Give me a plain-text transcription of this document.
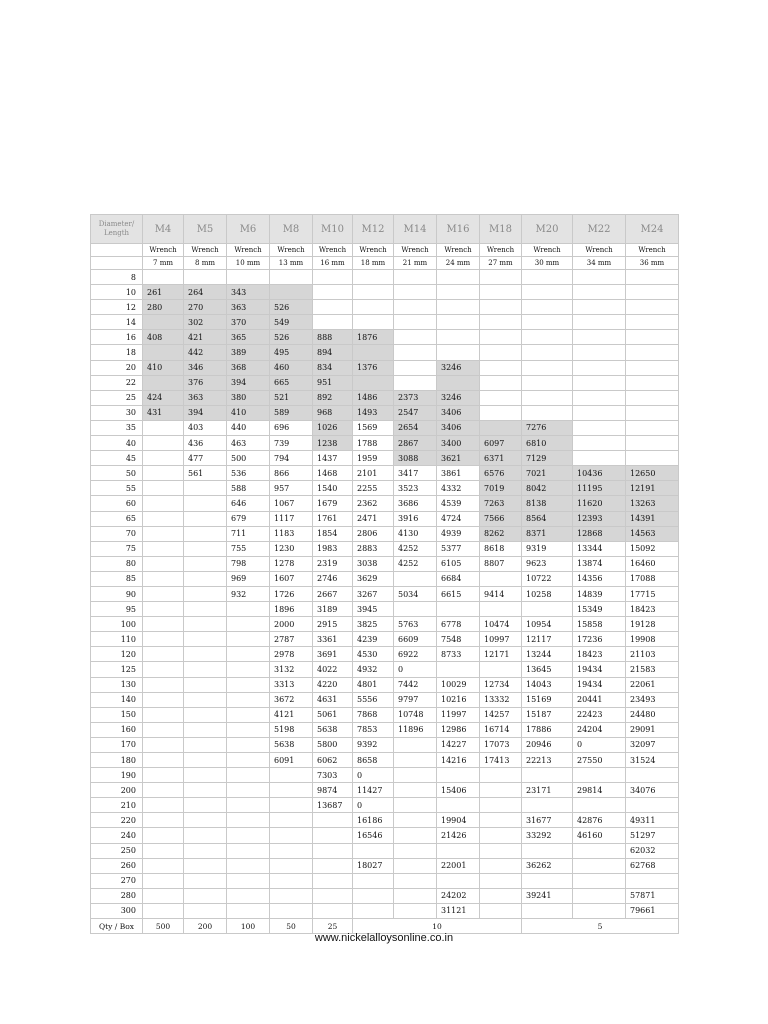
Diameter/
Length	M4	M5	M6	M8	M10	M12	M14	M16	M18	M20	M22	M24
	Wrench	Wrench	Wrench	Wrench	Wrench	Wrench	Wrench	Wrench	Wrench	Wrench	Wrench	Wrench
	7 mm	8 mm	10 mm	13 mm	16 mm	18 mm	21 mm	24 mm	27 mm	30 mm	34 mm	36 mm
8												
10	261	264	343									
12	280	270	363	526								
14		302	370	549								
16	408	421	365	526	888	1876						
18		442	389	495	894							
20	410	346	368	460	834	1376		3246				
22		376	394	665	951							
25	424	363	380	521	892	1486	2373	3246				
30	431	394	410	589	968	1493	2547	3406				
35		403	440	696	1026	1569	2654	3406		7276		
40		436	463	739	1238	1788	2867	3400	6097	6810		
45		477	500	794	1437	1959	3088	3621	6371	7129		
50		561	536	866	1468	2101	3417	3861	6576	7021	10436	12650
55			588	957	1540	2255	3523	4332	7019	8042	11195	12191
60			646	1067	1679	2362	3686	4539	7263	8138	11620	13263
65			679	1117	1761	2471	3916	4724	7566	8564	12393	14391
70			711	1183	1854	2806	4130	4939	8262	8371	12868	14563
75			755	1230	1983	2883	4252	5377	8618	9319	13344	15092
80			798	1278	2319	3038	4252	6105	8807	9623	13874	16460
85			969	1607	2746	3629		6684		10722	14356	17088
90			932	1726	2667	3267	5034	6615	9414	10258	14839	17715
95				1896	3189	3945					15349	18423
100				2000	2915	3825	5763	6778	10474	10954	15858	19128
110				2787	3361	4239	6609	7548	10997	12117	17236	19908
120				2978	3691	4530	6922	8733	12171	13244	18423	21103
125				3132	4022	4932	0			13645	19434	21583
130				3313	4220	4801	7442	10029	12734	14043	19434	22061
140				3672	4631	5556	9797	10216	13332	15169	20441	23493
150				4121	5061	7868	10748	11997	14257	15187	22423	24480
160				5198	5638	7853	11896	12986	16714	17886	24204	29091
170				5638	5800	9392		14227	17073	20946	0	32097
180				6091	6062	8658		14216	17413	22213	27550	31524
190					7303	0						
200					9874	11427		15406		23171	29814	34076
210					13687	0						
220						16186		19904		31677	42876	49311
240						16546		21426		33292	46160	51297
250												62032
260						18027		22001		36262		62768
270												
280								24202		39241		57871
300								31121				79661
Qty / Box	500	200	100	50	25	10				5		
www.nickelalloysonline.co.in
